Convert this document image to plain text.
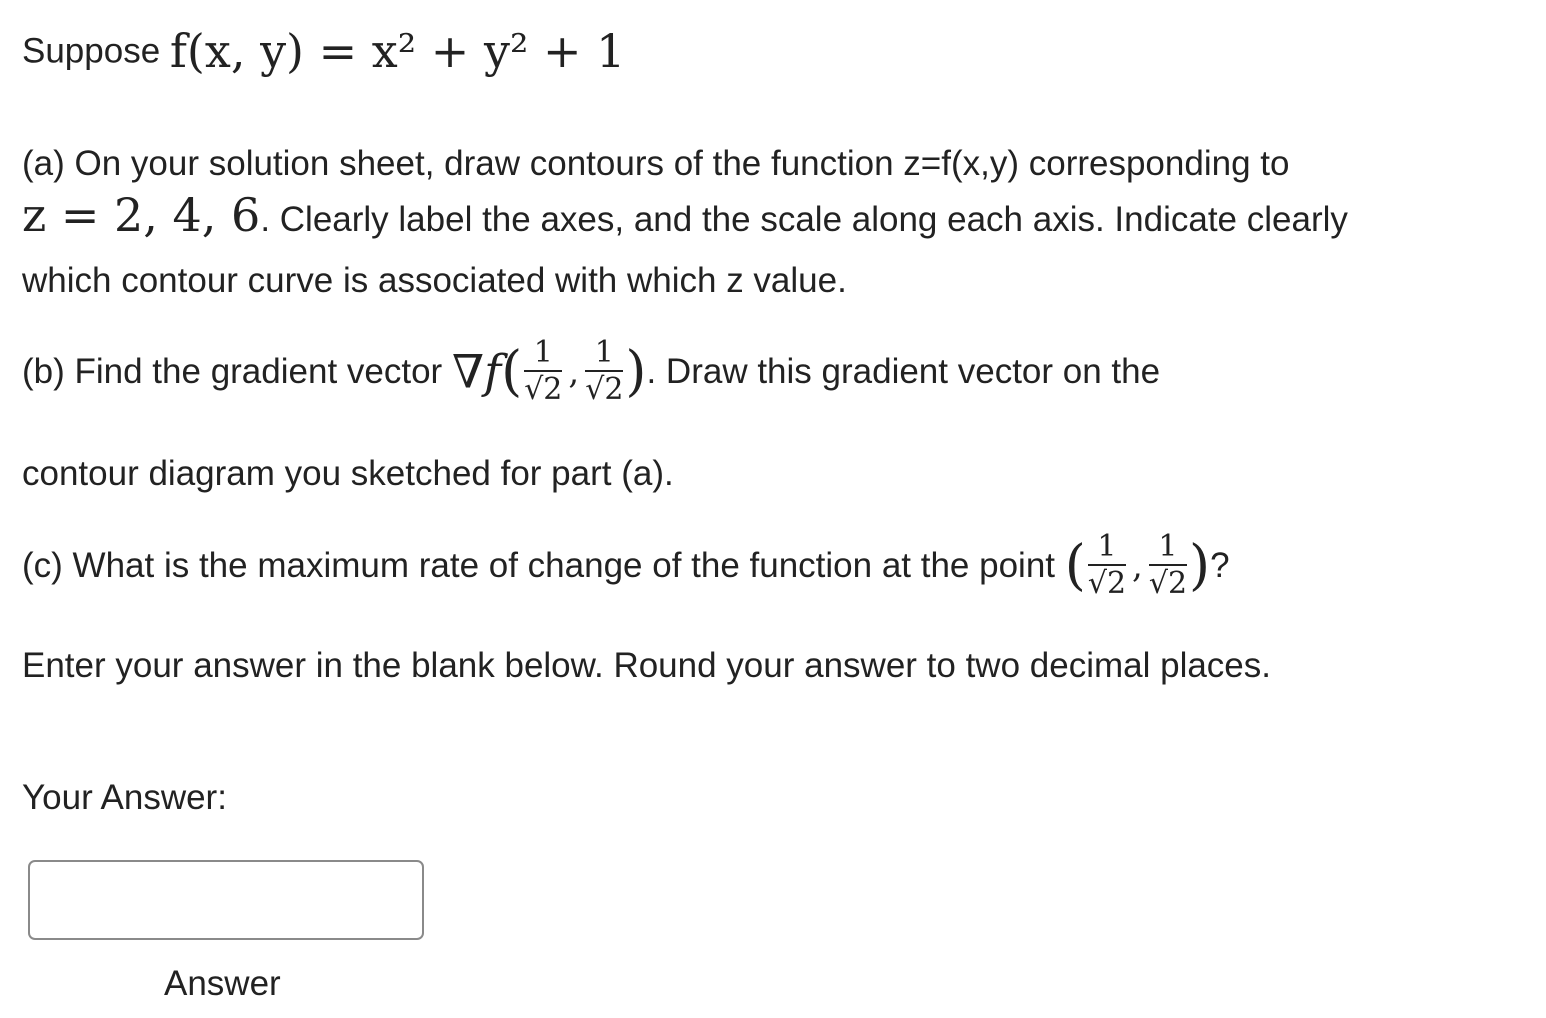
Suppose f(x, y) = x² + y² + 1
(a) On your solution sheet, draw contours of the function z=f(x,y) corresponding to
z = 2, 4, 6. Clearly label the axes, and the scale along each axis. Indicate clearly
which contour curve is associated with which z value.
(b) Find the gradient vector $\nabla f( \frac{1}{√2}$ , $\frac{1}{√2}$ ). Draw this gradient vector on the
contour diagram you sketched for part (a).
(c) What is the maximum rate of change of the function at the point ( $\frac{1}{√2}$ , $\frac{1}{√2}$ )?
Enter your answer in the blank below. Round your answer to two decimal places.
Your Answer:
Answer
